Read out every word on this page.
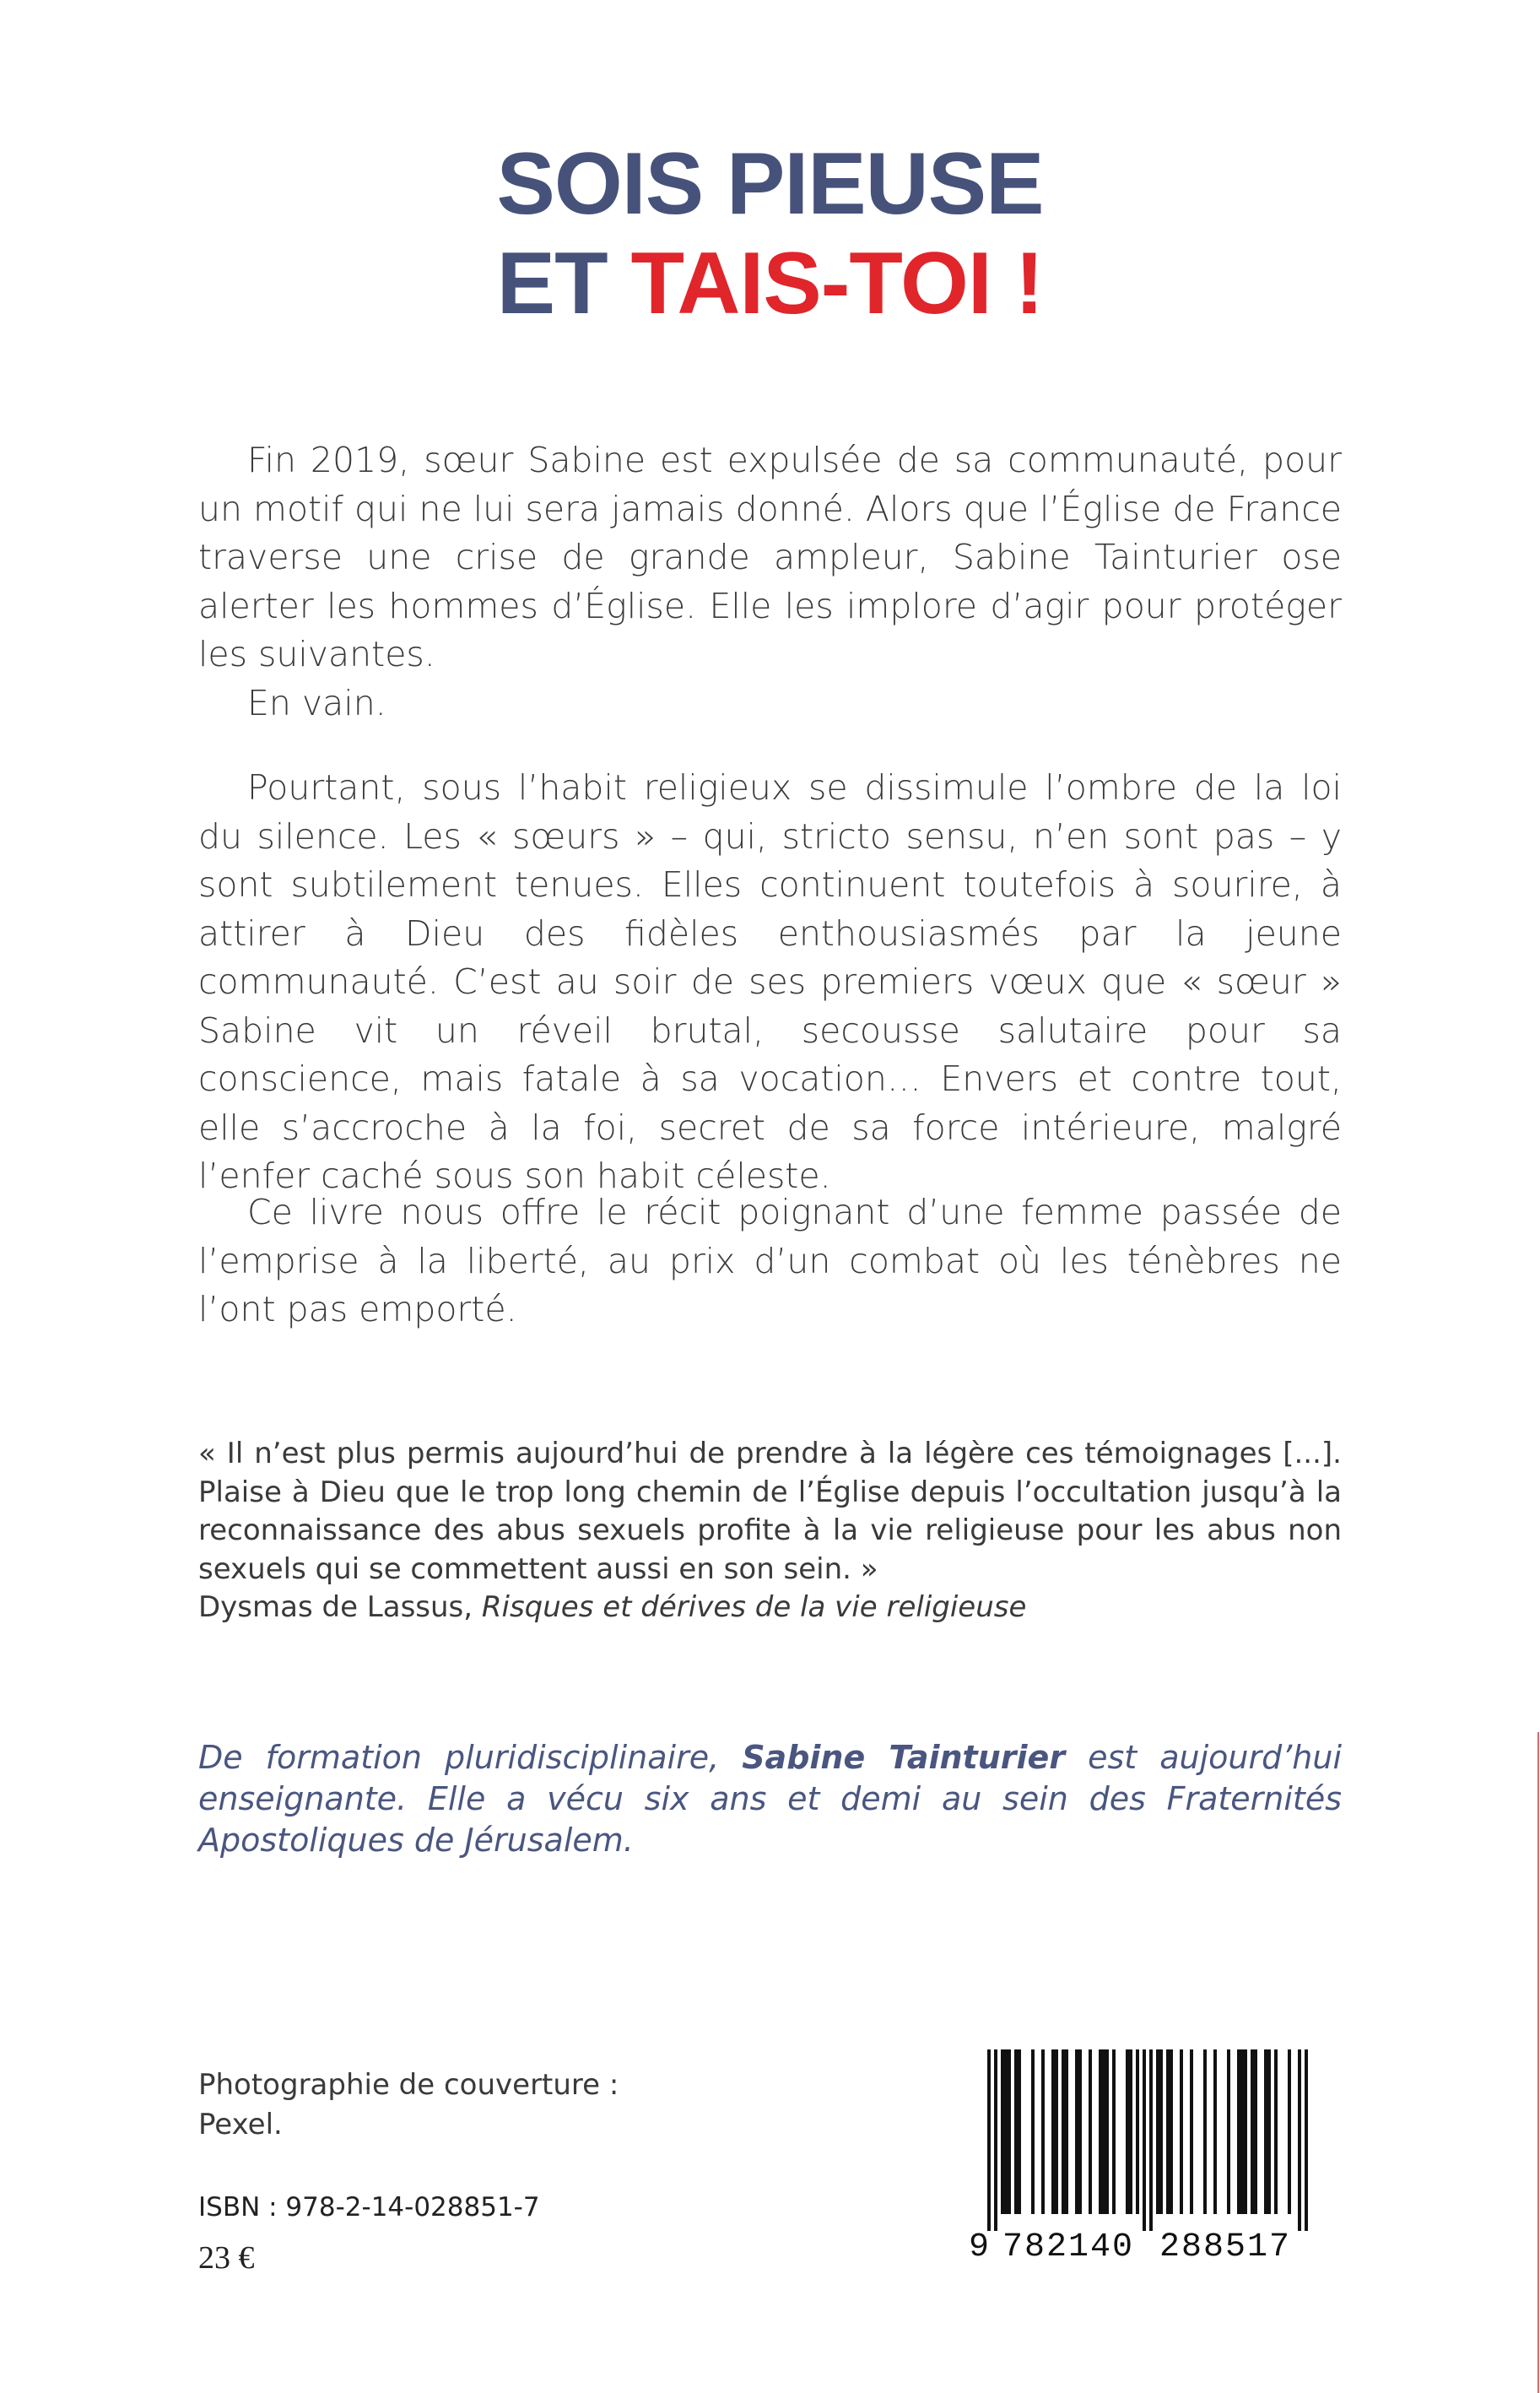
SOIS PIEUSE
ET TAIS-TOI !

Fin 2019, sœur Sabine est expulsée de sa communauté, pour un motif qui ne lui sera jamais donné. Alors que l’Église de France traverse une crise de grande ampleur, Sabine Tainturier ose alerter les hommes d’Église. Elle les implore d’agir pour protéger les suivantes.

En vain.

Pourtant, sous l’habit religieux se dissimule l’ombre de la loi du silence. Les « sœurs » – qui, stricto sensu, n’en sont pas – y sont subtilement tenues. Elles continuent toutefois à sourire, à attirer à Dieu des fidèles enthousiasmés par la jeune communauté. C’est au soir de ses premiers vœux que « sœur » Sabine vit un réveil brutal, secousse salutaire pour sa conscience, mais fatale à sa vocation… Envers et contre tout, elle s’accroche à la foi, secret de sa force intérieure, malgré l’enfer caché sous son habit céleste.

Ce livre nous offre le récit poignant d’une femme passée de l’emprise à la liberté, au prix d’un combat où les ténèbres ne l’ont pas emporté.

« Il n’est plus permis aujourd’hui de prendre à la légère ces témoignages [...]. Plaise à Dieu que le trop long chemin de l’Église depuis l’occultation jusqu’à la reconnaissance des abus sexuels profite à la vie religieuse pour les abus non sexuels qui se commettent aussi en son sein. »

Dysmas de Lassus, Risques et dérives de la vie religieuse

De formation pluridisciplinaire, Sabine Tainturier est aujourd’hui enseignante. Elle a vécu six ans et demi au sein des Fraternités Apostoliques de Jérusalem.
Photographie de couverture :
Pexel.
ISBN : 978-2-14-028851-7
23 €	9 782140 288517
